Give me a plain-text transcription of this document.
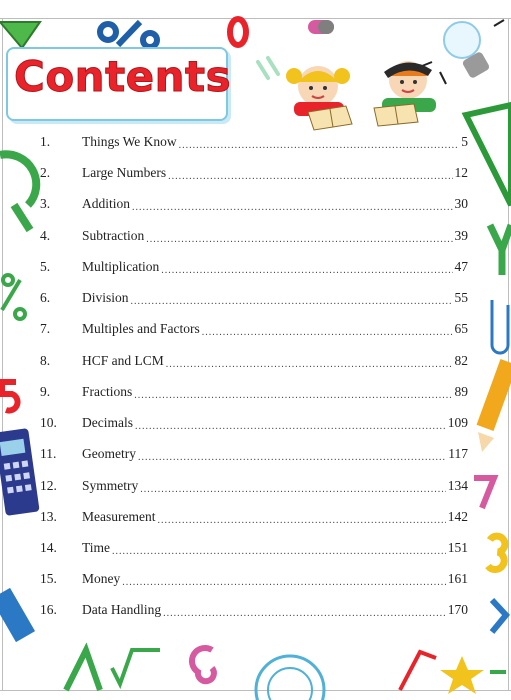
Contents
1.	Things We Know .....	5
2.	Large Numbers .....	12
3.	Addition .....	30
4.	Subtraction .....	39
5.	Multiplication .....	47
6.	Division .....	55
7.	Multiples and Factors .....	65
8.	HCF and LCM .....	82
9.	Fractions .....	89
10.	Decimals .....	109
11.	Geometry .....	117
12.	Symmetry .....	134
13.	Measurement .....	142
14.	Time .....	151
15.	Money .....	161
16.	Data Handling .....	170
